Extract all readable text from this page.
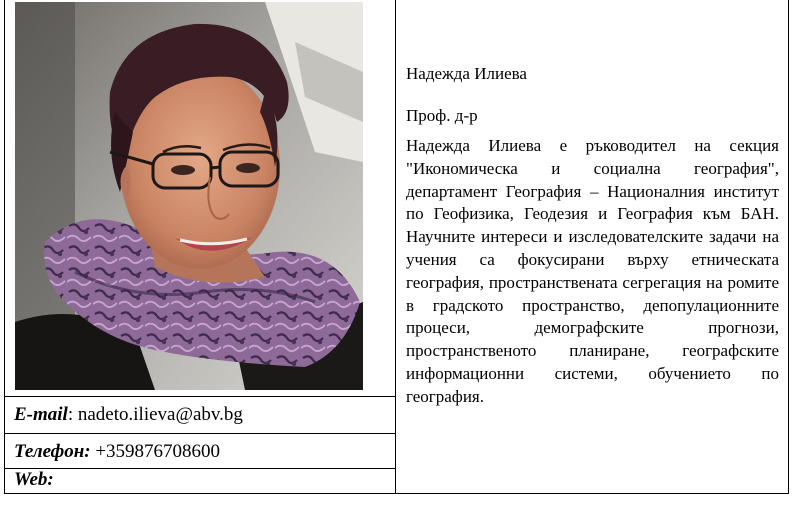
E-mail: nadeto.ilieva@abv.bg
Телефон: +359876708600
Web:
Надежда Илиева
Проф. д-р
Надежда Илиева е ръководител на секция "Икономическа и социална география", департамент География – Националния институт по Геофизика, Геодезия и География към БАН. Научните интереси и изследователските задачи на учения са фокусирани върху етническата география, пространствената сегрегация на ромите в градското пространство, депопулационните процеси, демографските прогнози, пространственото планиране, географските информационни системи, обучението по география.
